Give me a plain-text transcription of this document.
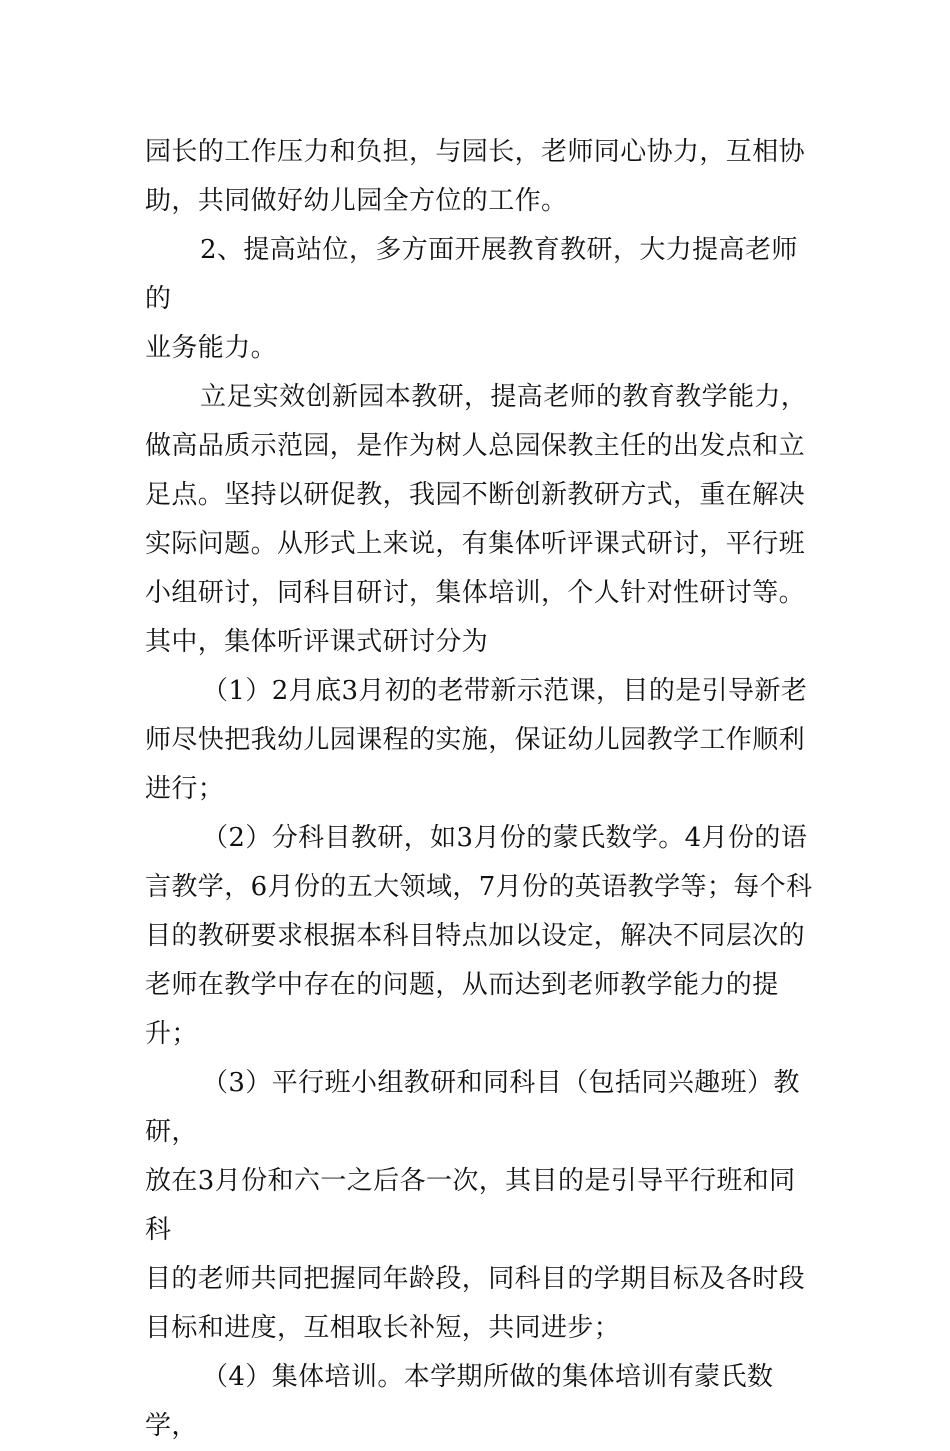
园长的工作压力和负担，与园长，老师同心协力，互相协
助，共同做好幼儿园全方位的工作。

2、提高站位，多方面开展教育教研，大力提高老师的
业务能力。

立足实效创新园本教研，提高老师的教育教学能力，
做高品质示范园，是作为树人总园保教主任的出发点和立
足点。坚持以研促教，我园不断创新教研方式，重在解决
实际问题。从形式上来说，有集体听评课式研讨，平行班
小组研讨，同科目研讨，集体培训，个人针对性研讨等。
其中，集体听评课式研讨分为

（1）2月底3月初的老带新示范课，目的是引导新老
师尽快把我幼儿园课程的实施，保证幼儿园教学工作顺利
进行；

（2）分科目教研，如3月份的蒙氏数学。4月份的语
言教学，6月份的五大领域，7月份的英语教学等；每个科
目的教研要求根据本科目特点加以设定，解决不同层次的
老师在教学中存在的问题，从而达到老师教学能力的提升；

（3）平行班小组教研和同科目（包括同兴趣班）教研，
放在3月份和六一之后各一次，其目的是引导平行班和同科
目的老师共同把握同年龄段，同科目的学期目标及各时段
目标和进度，互相取长补短，共同进步；

（4）集体培训。本学期所做的集体培训有蒙氏数学，
